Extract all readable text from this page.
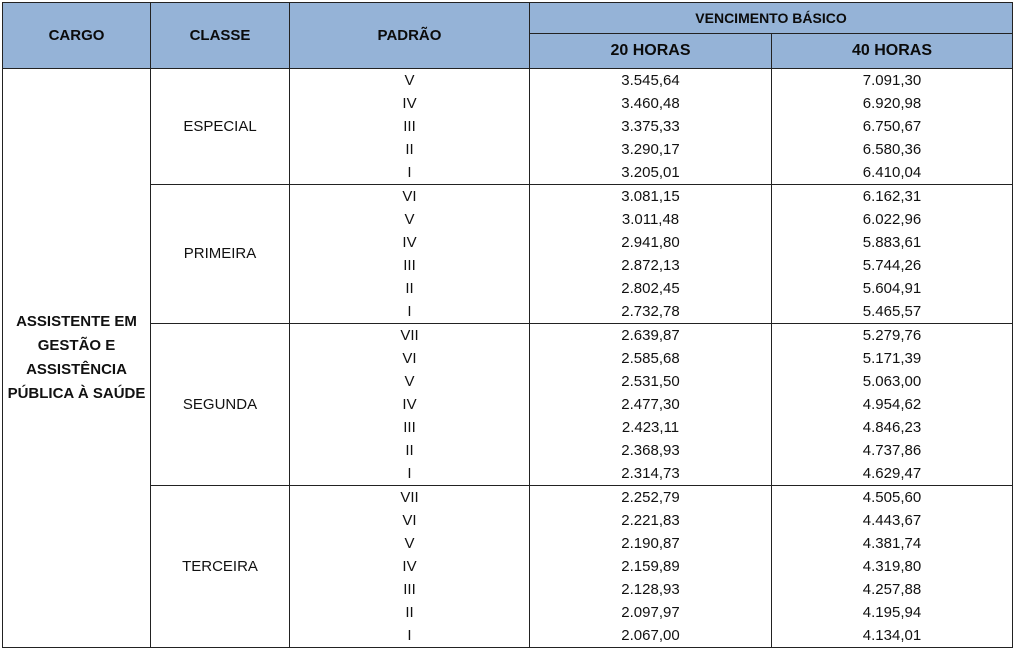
CARGO	CLASSE	PADRÃO	VENCIMENTO BÁSICO	
			20 HORAS	40 HORAS
ASSISTENTE EM GESTÃO E ASSISTÊNCIA PÚBLICA À SAÚDE	ESPECIAL	V	3.545,64	7.091,30
		IV	3.460,48	6.920,98
		III	3.375,33	6.750,67
		II	3.290,17	6.580,36
		I	3.205,01	6.410,04
	PRIMEIRA	VI	3.081,15	6.162,31
		V	3.011,48	6.022,96
		IV	2.941,80	5.883,61
		III	2.872,13	5.744,26
		II	2.802,45	5.604,91
		I	2.732,78	5.465,57
	SEGUNDA	VII	2.639,87	5.279,76
		VI	2.585,68	5.171,39
		V	2.531,50	5.063,00
		IV	2.477,30	4.954,62
		III	2.423,11	4.846,23
		II	2.368,93	4.737,86
		I	2.314,73	4.629,47
	TERCEIRA	VII	2.252,79	4.505,60
		VI	2.221,83	4.443,67
		V	2.190,87	4.381,74
		IV	2.159,89	4.319,80
		III	2.128,93	4.257,88
		II	2.097,97	4.195,94
		I	2.067,00	4.134,01
